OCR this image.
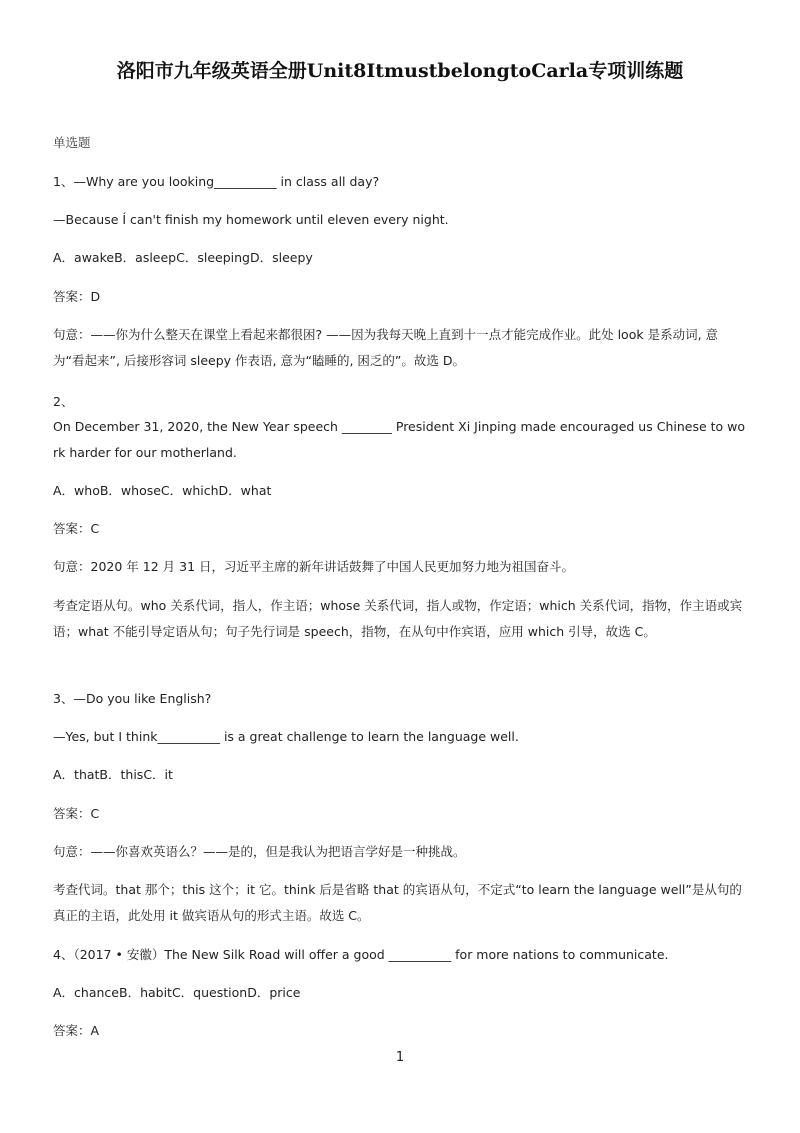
洛阳市九年级英语全册Unit8ItmustbelongtoCarla专项训练题
单选题
1、—Why are you looking__________ in class all day?
—Because Í can't finish my homework until eleven every night.
A．awakeB．asleepC．sleepingD．sleepy
答案：D
句意：——你为什么整天在课堂上看起来都很困? ——因为我每天晚上直到十一点才能完成作业。此处 look 是系动词, 意为“看起来”, 后接形容词 sleepy 作表语, 意为“瞌睡的, 困乏的”。故选 D。
2、
On December 31, 2020, the New Year speech ________ President Xi Jinping made encouraged us Chinese to work harder for our motherland.
A．whoB．whoseC．whichD．what
答案：C
句意：2020 年 12 月 31 日，习近平主席的新年讲话鼓舞了中国人民更加努力地为祖国奋斗。
考查定语从句。who 关系代词，指人，作主语；whose 关系代词，指人或物，作定语；which 关系代词，指物，作主语或宾语；what 不能引导定语从句；句子先行词是 speech，指物，在从句中作宾语，应用 which 引导，故选 C。
3、—Do you like English?
—Yes, but I think__________ is a great challenge to learn the language well.
A．thatB．thisC．it
答案：C
句意：——你喜欢英语么？——是的，但是我认为把语言学好是一种挑战。
考查代词。that 那个；this 这个；it 它。think 后是省略 that 的宾语从句，不定式“to learn the language well”是从句的真正的主语，此处用 it 做宾语从句的形式主语。故选 C。
4、（2017 • 安徽）The New Silk Road will offer a good __________ for more nations to communicate.
A．chanceB．habitC．questionD．price
答案：A
1
